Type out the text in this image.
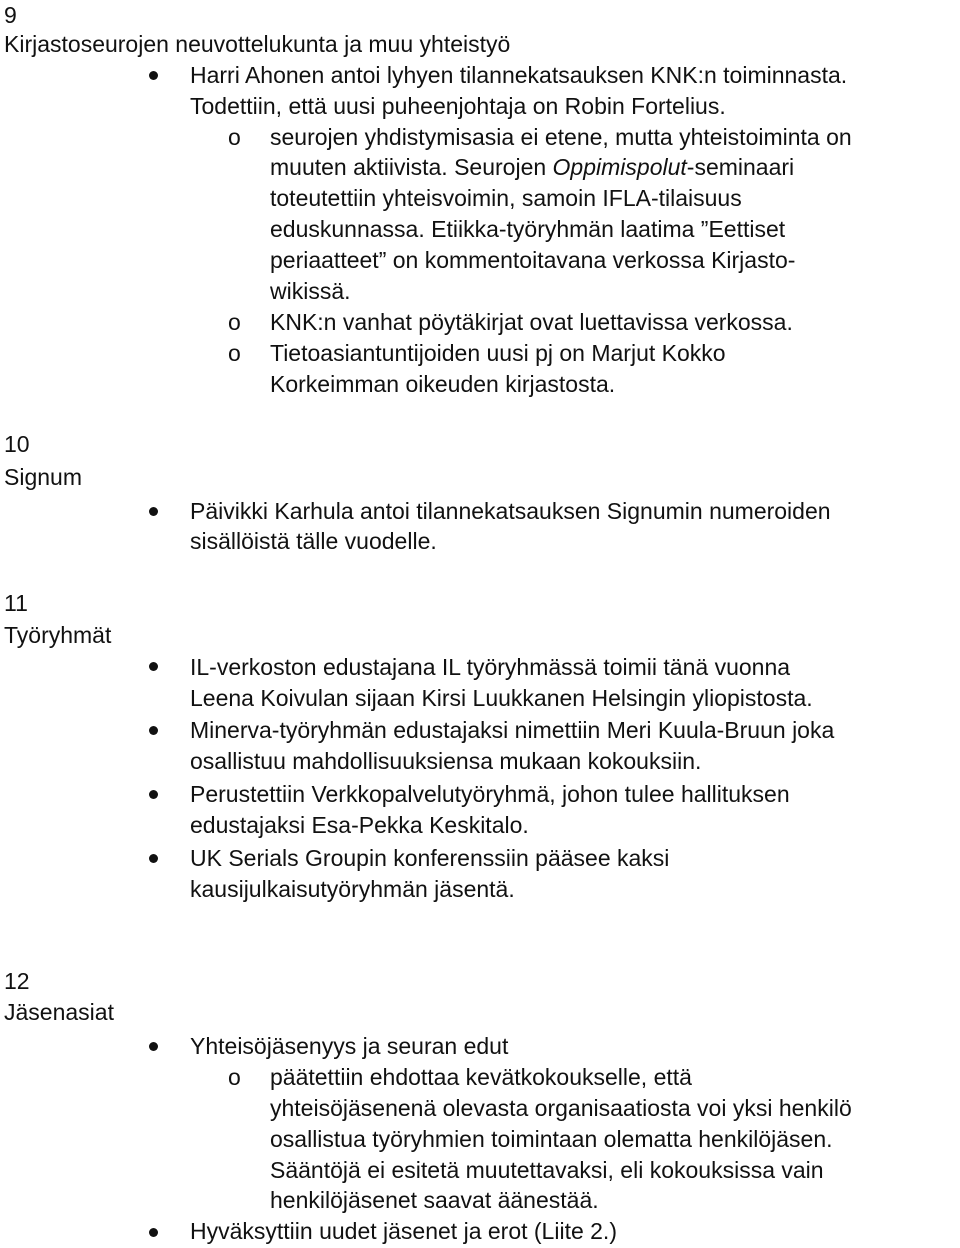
9

Kirjastoseurojen neuvottelukunta ja muu yhteistyö

Harri Ahonen antoi lyhyen tilannekatsauksen KNK:n toiminnasta.

Todettiin, että uusi puheenjohtaja on Robin Fortelius.

o seurojen yhdistymisasia ei etene, mutta yhteistoiminta on

muuten aktiivista. Seurojen Oppimispolut-seminaari

toteutettiin yhteisvoimin, samoin IFLA-tilaisuus

eduskunnassa. Etiikka-työryhmän laatima ”Eettiset

periaatteet” on kommentoitavana verkossa Kirjasto-

wikissä.

o KNK:n vanhat pöytäkirjat ovat luettavissa verkossa.

o Tietoasiantuntijoiden uusi pj on Marjut Kokko

Korkeimman oikeuden kirjastosta.

10

Signum

Päivikki Karhula antoi tilannekatsauksen Signumin numeroiden

sisällöistä tälle vuodelle.

11

Työryhmät

IL-verkoston edustajana IL työryhmässä toimii tänä vuonna

Leena Koivulan sijaan Kirsi Luukkanen Helsingin yliopistosta.

Minerva-työryhmän edustajaksi nimettiin Meri Kuula-Bruun joka

osallistuu mahdollisuuksiensa mukaan kokouksiin.

Perustettiin Verkkopalvelutyöryhmä, johon tulee hallituksen

edustajaksi Esa-Pekka Keskitalo.

UK Serials Groupin konferenssiin pääsee kaksi

kausijulkaisutyöryhmän jäsentä.

12

Jäsenasiat

Yhteisöjäsenyys ja seuran edut

o päätettiin ehdottaa kevätkokoukselle, että

yhteisöjäsenenä olevasta organisaatiosta voi yksi henkilö

osallistua työryhmien toimintaan olematta henkilöjäsen.

Sääntöjä ei esitetä muutettavaksi, eli kokouksissa vain

henkilöjäsenet saavat äänestää.

Hyväksyttiin uudet jäsenet ja erot (Liite 2.)
